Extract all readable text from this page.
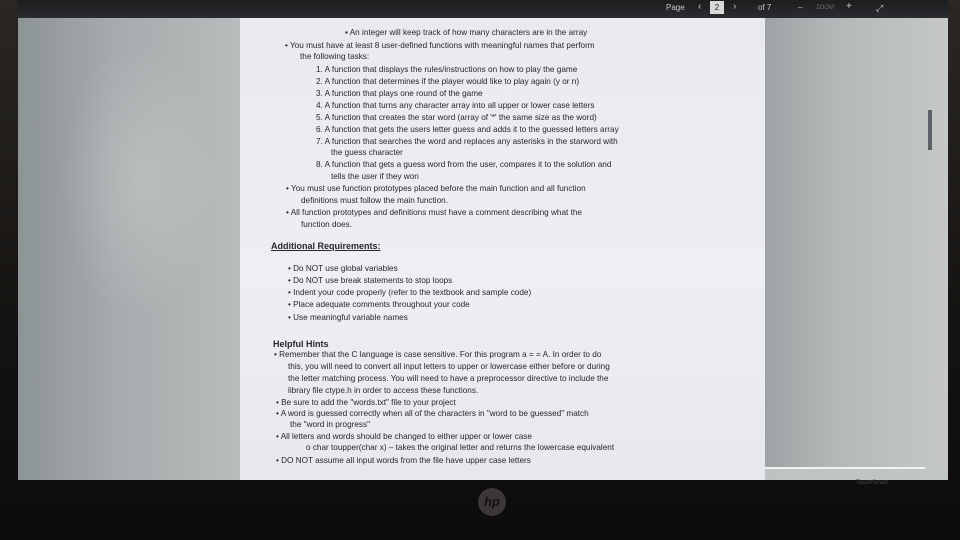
Page ‹	2	›	of 7	– ZOOM +	⤢
hp
TouchSmart
▪ An integer will keep track of how many characters are in the array
• You must have at least 8 user-defined functions with meaningful names that perform
the following tasks:
1. A function that displays the rules/instructions on how to play the game
2. A function that determines if the player would like to play again (y or n)
3. A function that plays one round of the game
4. A function that turns any character array into all upper or lower case letters
5. A function that creates the star word (array of '*' the same size as the word)
6. A function that gets the users letter guess and adds it to the guessed letters array
7. A function that searches the word and replaces any asterisks in the starword with
the guess character
8. A function that gets a guess word from the user, compares it to the solution and
tells the user if they won
• You must use function prototypes placed before the main function and all function
definitions must follow the main function.
• All function prototypes and definitions must have a comment describing what the
function does.
Additional Requirements:
• Do NOT use global variables
• Do NOT use break statements to stop loops
• Indent your code properly (refer to the textbook and sample code)
• Place adequate comments throughout your code
• Use meaningful variable names
Helpful Hints
• Remember that the C language is case sensitive. For this program a = = A. In order to do
this, you will need to convert all input letters to upper or lowercase either before or during
the letter matching process. You will need to have a preprocessor directive to include the
library file ctype.h in order to access these functions.
• Be sure to add the "words.txt" file to your project
• A word is guessed correctly when all of the characters in "word to be guessed" match
the "word in progress"
• All letters and words should be changed to either upper or lower case
o char toupper(char x) – takes the original letter and returns the lowercase equivalent
• DO NOT assume all input words from the file have upper case letters
